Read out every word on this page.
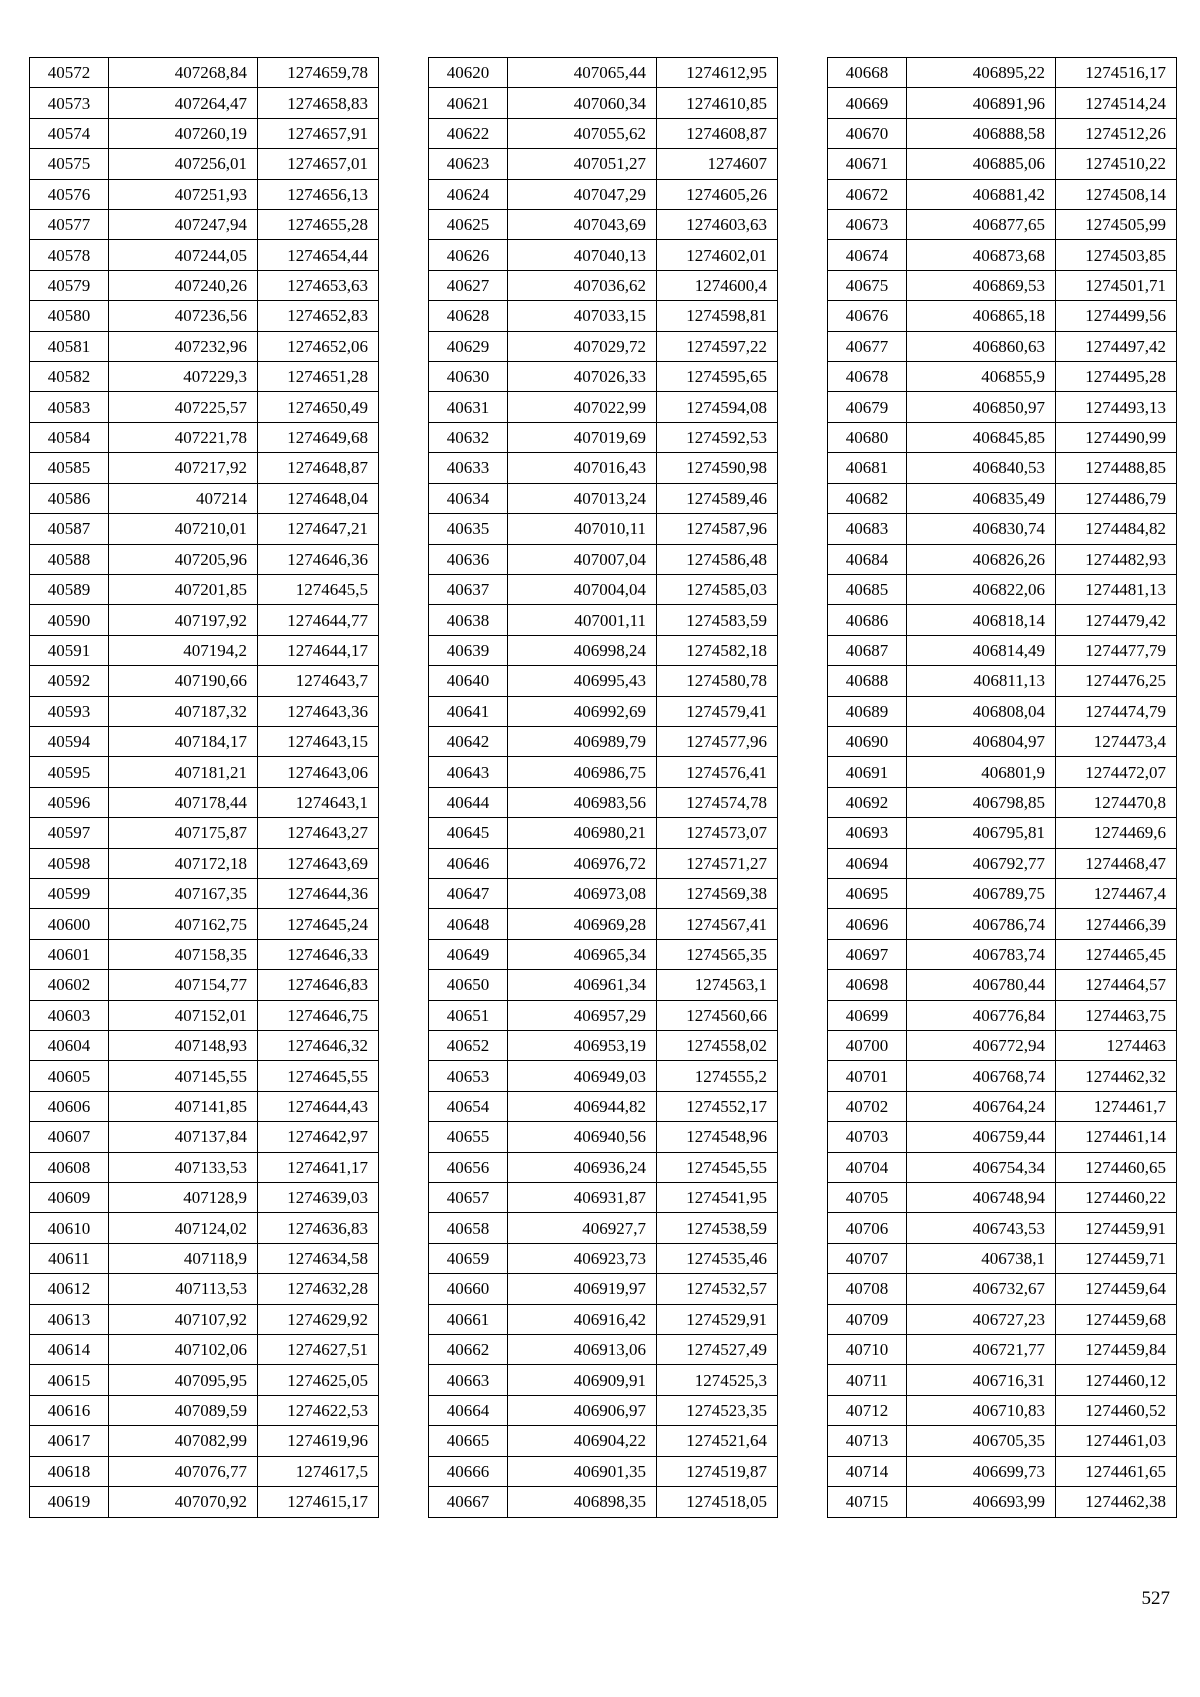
40572	407268,84	1274659,78
40573	407264,47	1274658,83
40574	407260,19	1274657,91
40575	407256,01	1274657,01
40576	407251,93	1274656,13
40577	407247,94	1274655,28
40578	407244,05	1274654,44
40579	407240,26	1274653,63
40580	407236,56	1274652,83
40581	407232,96	1274652,06
40582	407229,3	1274651,28
40583	407225,57	1274650,49
40584	407221,78	1274649,68
40585	407217,92	1274648,87
40586	407214	1274648,04
40587	407210,01	1274647,21
40588	407205,96	1274646,36
40589	407201,85	1274645,5
40590	407197,92	1274644,77
40591	407194,2	1274644,17
40592	407190,66	1274643,7
40593	407187,32	1274643,36
40594	407184,17	1274643,15
40595	407181,21	1274643,06
40596	407178,44	1274643,1
40597	407175,87	1274643,27
40598	407172,18	1274643,69
40599	407167,35	1274644,36
40600	407162,75	1274645,24
40601	407158,35	1274646,33
40602	407154,77	1274646,83
40603	407152,01	1274646,75
40604	407148,93	1274646,32
40605	407145,55	1274645,55
40606	407141,85	1274644,43
40607	407137,84	1274642,97
40608	407133,53	1274641,17
40609	407128,9	1274639,03
40610	407124,02	1274636,83
40611	407118,9	1274634,58
40612	407113,53	1274632,28
40613	407107,92	1274629,92
40614	407102,06	1274627,51
40615	407095,95	1274625,05
40616	407089,59	1274622,53
40617	407082,99	1274619,96
40618	407076,77	1274617,5
40619	407070,92	1274615,17
40620	407065,44	1274612,95
40621	407060,34	1274610,85
40622	407055,62	1274608,87
40623	407051,27	1274607
40624	407047,29	1274605,26
40625	407043,69	1274603,63
40626	407040,13	1274602,01
40627	407036,62	1274600,4
40628	407033,15	1274598,81
40629	407029,72	1274597,22
40630	407026,33	1274595,65
40631	407022,99	1274594,08
40632	407019,69	1274592,53
40633	407016,43	1274590,98
40634	407013,24	1274589,46
40635	407010,11	1274587,96
40636	407007,04	1274586,48
40637	407004,04	1274585,03
40638	407001,11	1274583,59
40639	406998,24	1274582,18
40640	406995,43	1274580,78
40641	406992,69	1274579,41
40642	406989,79	1274577,96
40643	406986,75	1274576,41
40644	406983,56	1274574,78
40645	406980,21	1274573,07
40646	406976,72	1274571,27
40647	406973,08	1274569,38
40648	406969,28	1274567,41
40649	406965,34	1274565,35
40650	406961,34	1274563,1
40651	406957,29	1274560,66
40652	406953,19	1274558,02
40653	406949,03	1274555,2
40654	406944,82	1274552,17
40655	406940,56	1274548,96
40656	406936,24	1274545,55
40657	406931,87	1274541,95
40658	406927,7	1274538,59
40659	406923,73	1274535,46
40660	406919,97	1274532,57
40661	406916,42	1274529,91
40662	406913,06	1274527,49
40663	406909,91	1274525,3
40664	406906,97	1274523,35
40665	406904,22	1274521,64
40666	406901,35	1274519,87
40667	406898,35	1274518,05
40668	406895,22	1274516,17
40669	406891,96	1274514,24
40670	406888,58	1274512,26
40671	406885,06	1274510,22
40672	406881,42	1274508,14
40673	406877,65	1274505,99
40674	406873,68	1274503,85
40675	406869,53	1274501,71
40676	406865,18	1274499,56
40677	406860,63	1274497,42
40678	406855,9	1274495,28
40679	406850,97	1274493,13
40680	406845,85	1274490,99
40681	406840,53	1274488,85
40682	406835,49	1274486,79
40683	406830,74	1274484,82
40684	406826,26	1274482,93
40685	406822,06	1274481,13
40686	406818,14	1274479,42
40687	406814,49	1274477,79
40688	406811,13	1274476,25
40689	406808,04	1274474,79
40690	406804,97	1274473,4
40691	406801,9	1274472,07
40692	406798,85	1274470,8
40693	406795,81	1274469,6
40694	406792,77	1274468,47
40695	406789,75	1274467,4
40696	406786,74	1274466,39
40697	406783,74	1274465,45
40698	406780,44	1274464,57
40699	406776,84	1274463,75
40700	406772,94	1274463
40701	406768,74	1274462,32
40702	406764,24	1274461,7
40703	406759,44	1274461,14
40704	406754,34	1274460,65
40705	406748,94	1274460,22
40706	406743,53	1274459,91
40707	406738,1	1274459,71
40708	406732,67	1274459,64
40709	406727,23	1274459,68
40710	406721,77	1274459,84
40711	406716,31	1274460,12
40712	406710,83	1274460,52
40713	406705,35	1274461,03
40714	406699,73	1274461,65
40715	406693,99	1274462,38
527
